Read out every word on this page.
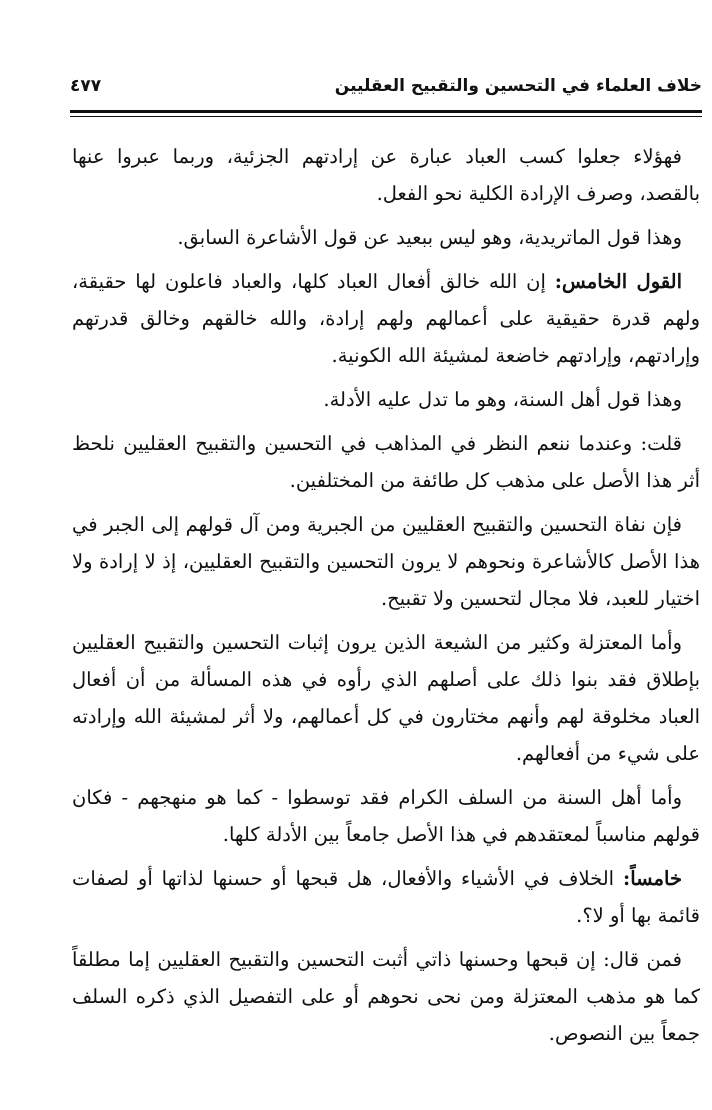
خلاف العلماء في التحسين والتقبيح العقليين
٤٧٧

فهؤلاء جعلوا كسب العباد عبارة عن إرادتهم الجزئية، وربما عبروا عنها بالقصد، وصرف الإرادة الكلية نحو الفعل.

وهذا قول الماتريدية، وهو ليس ببعيد عن قول الأشاعرة السابق.

القول الخامس: إن الله خالق أفعال العباد كلها، والعباد فاعلون لها حقيقة، ولهم قدرة حقيقية على أعمالهم ولهم إرادة، والله خالقهم وخالق قدرتهم وإرادتهم، وإرادتهم خاضعة لمشيئة الله الكونية.

وهذا قول أهل السنة، وهو ما تدل عليه الأدلة.

قلت: وعندما ننعم النظر في المذاهب في التحسين والتقبيح العقليين نلحظ أثر هذا الأصل على مذهب كل طائفة من المختلفين.

فإن نفاة التحسين والتقبيح العقليين من الجبرية ومن آل قولهم إلى الجبر في هذا الأصل كالأشاعرة ونحوهم لا يرون التحسين والتقبيح العقليين، إذ لا إرادة ولا اختيار للعبد، فلا مجال لتحسين ولا تقبيح.

وأما المعتزلة وكثير من الشيعة الذين يرون إثبات التحسين والتقبيح العقليين بإطلاق فقد بنوا ذلك على أصلهم الذي رأوه في هذه المسألة من أن أفعال العباد مخلوقة لهم وأنهم مختارون في كل أعمالهم، ولا أثر لمشيئة الله وإرادته على شيء من أفعالهم.

وأما أهل السنة من السلف الكرام فقد توسطوا - كما هو منهجهم - فكان قولهم مناسباً لمعتقدهم في هذا الأصل جامعاً بين الأدلة كلها.

خامساً: الخلاف في الأشياء والأفعال، هل قبحها أو حسنها لذاتها أو لصفات قائمة بها أو لا؟.

فمن قال: إن قبحها وحسنها ذاتي أثبت التحسين والتقبيح العقليين إما مطلقاً كما هو مذهب المعتزلة ومن نحى نحوهم أو على التفصيل الذي ذكره السلف جمعاً بين النصوص.
